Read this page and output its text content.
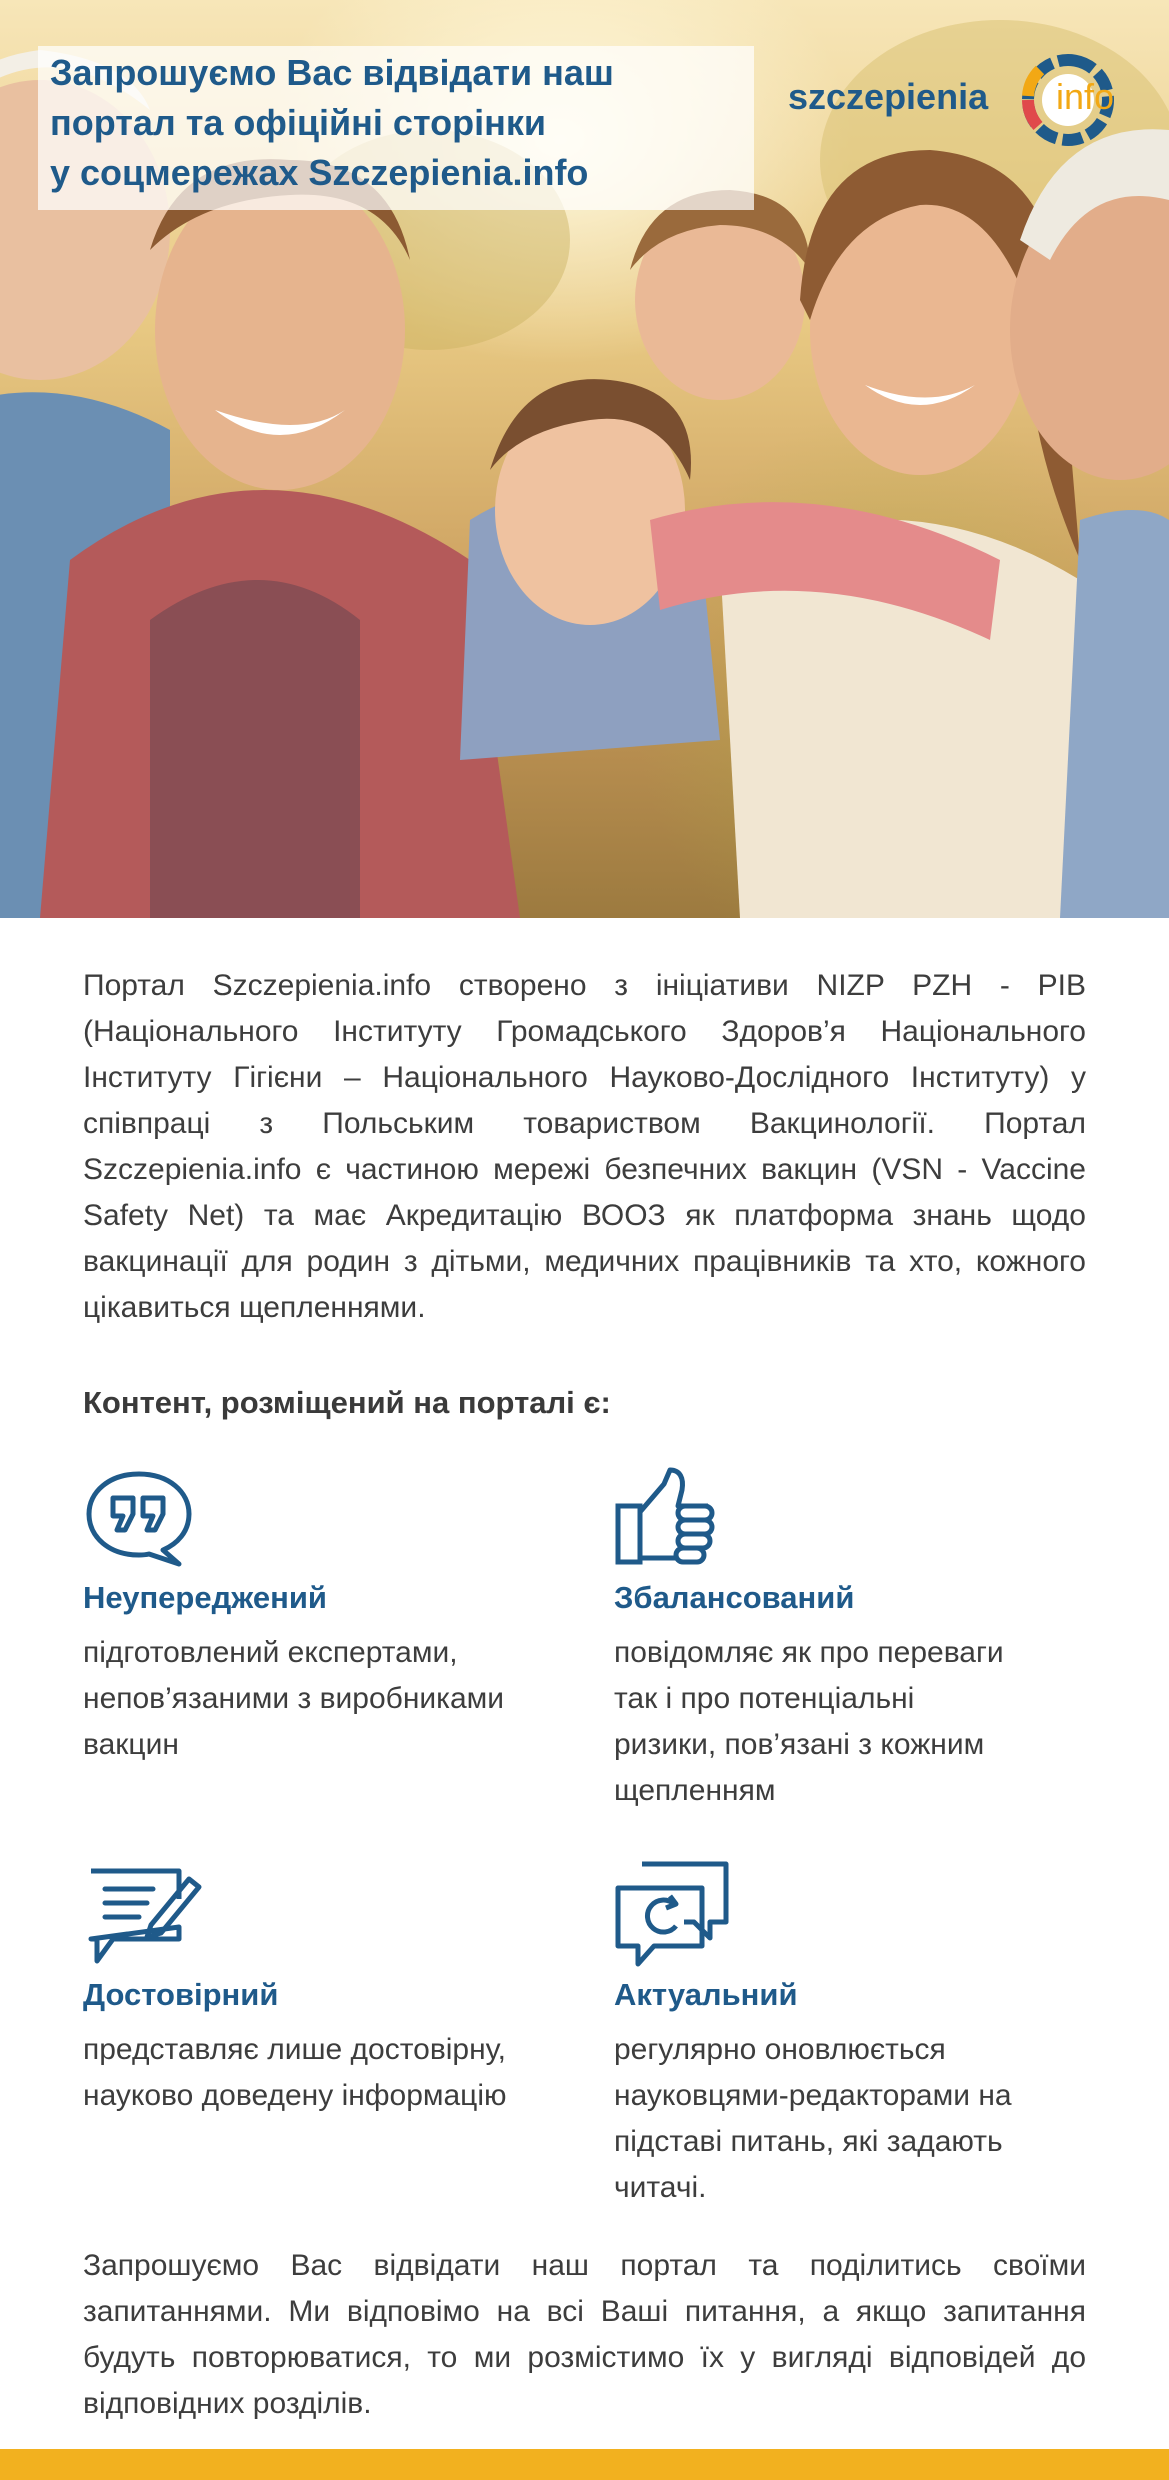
Запрошуємо Вас відвідати наш
портал та офіційні сторінки
у соцмережах Szczepienia.info
szczepienia info

Портал Szczepienia.info створено з ініціативи NIZP PZH - PIB (Національного Інституту Громадського Здоров’я Національного Інституту Гігієни – Національного Науково-Дослідного Інституту) у співпраці з Польським товариством Вакцинології. Портал Szczepienia.info є частиною мережі безпечних вакцин (VSN - Vaccine Safety Net) та має Акредитацію ВООЗ як платформа знань щодо вакцинації для родин з дітьми, медичних працівників та хто, кожного цікавиться щепленнями.

Контент, розміщений на порталі є:
Неупереджений

підготовлений експертами,
непов’язаними з виробниками
вакцин

Збалансований

повідомляє як про переваги
так і про потенціальні
ризики, пов’язані з кожним
щепленням

Достовірний

представляє лише достовірну,
науково доведену інформацію

Актуальний

регулярно оновлюється
науковцями-редакторами на
підставі питань, які задають
читачі.

Запрошуємо Вас відвідати наш портал та поділитись своїми запитаннями. Ми відповімо на всі Ваші питання, а якщо запитання будуть повторюватися, то ми розмістимо їх у вигляді відповідей до відповідних розділів.
